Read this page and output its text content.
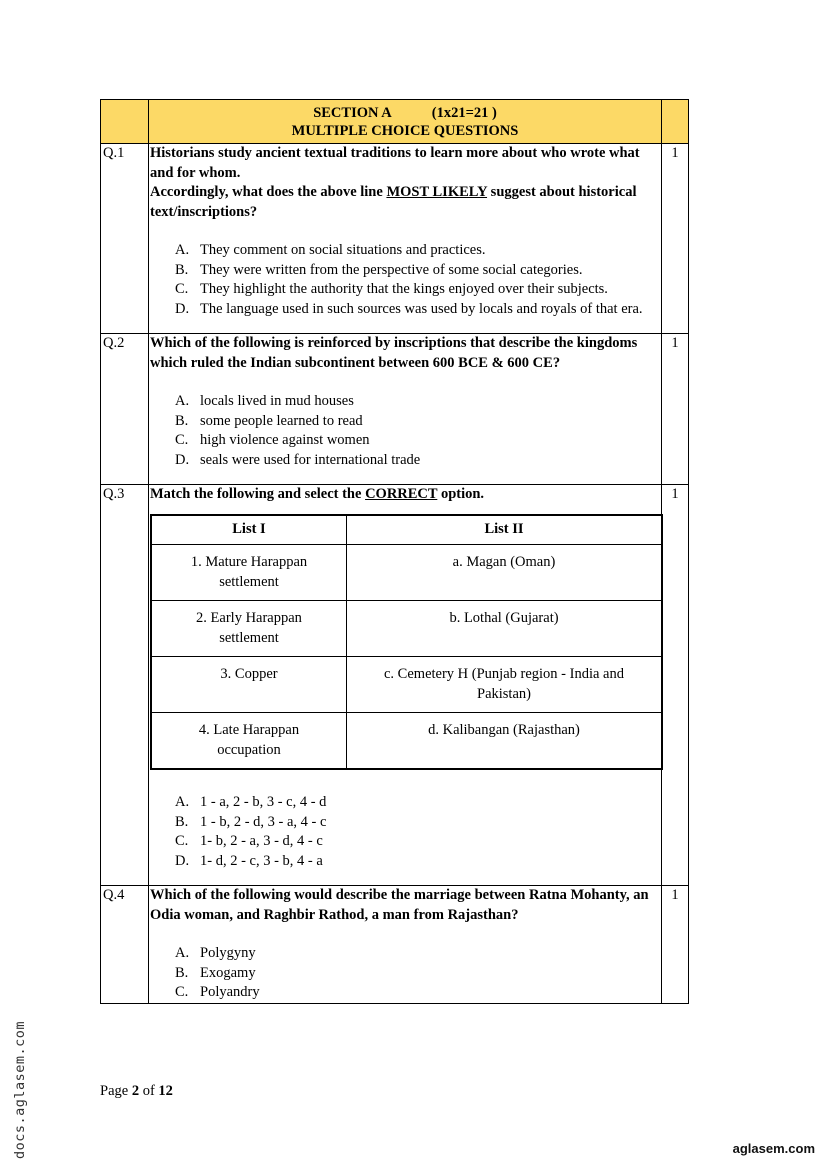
SECTION A	(1x21=21 )
MULTIPLE CHOICE QUESTIONS

Q.1	Historians study ancient textual traditions to learn more about who wrote what and for whom.
Accordingly, what does the above line MOST LIKELY suggest about historical text/inscriptions?
A. They comment on social situations and practices.
B. They were written from the perspective of some social categories.
C. They highlight the authority that the kings enjoyed over their subjects.
D. The language used in such sources was used by locals and royals of that era.
	1
Q.2	Which of the following is reinforced by inscriptions that describe the kingdoms which ruled the Indian subcontinent between 600 BCE & 600 CE?
A. locals lived in mud houses
B. some people learned to read
C. high violence against women
D. seals were used for international trade
	1
Q.3	Match the following and select the CORRECT option.
List I	List II
1. Mature Harappan settlement	a. Magan (Oman)
2. Early Harappan settlement	b. Lothal (Gujarat)
3. Copper	c. Cemetery H (Punjab region - India and Pakistan)
4. Late Harappan occupation	d. Kalibangan (Rajasthan)
A. 1 - a, 2 - b, 3 - c, 4 - d
B. 1 - b, 2 - d, 3 - a, 4 - c
C. 1- b, 2 - a, 3 - d, 4 - c
D. 1- d, 2 - c, 3 - b, 4 - a
	1
Q.4	Which of the following would describe the marriage between Ratna Mohanty, an Odia woman, and Raghbir Rathod, a man from Rajasthan?
A. Polygyny
B. Exogamy
C. Polyandry
	1
Page 2 of 12
docs.aglasem.com	aglasem.com
